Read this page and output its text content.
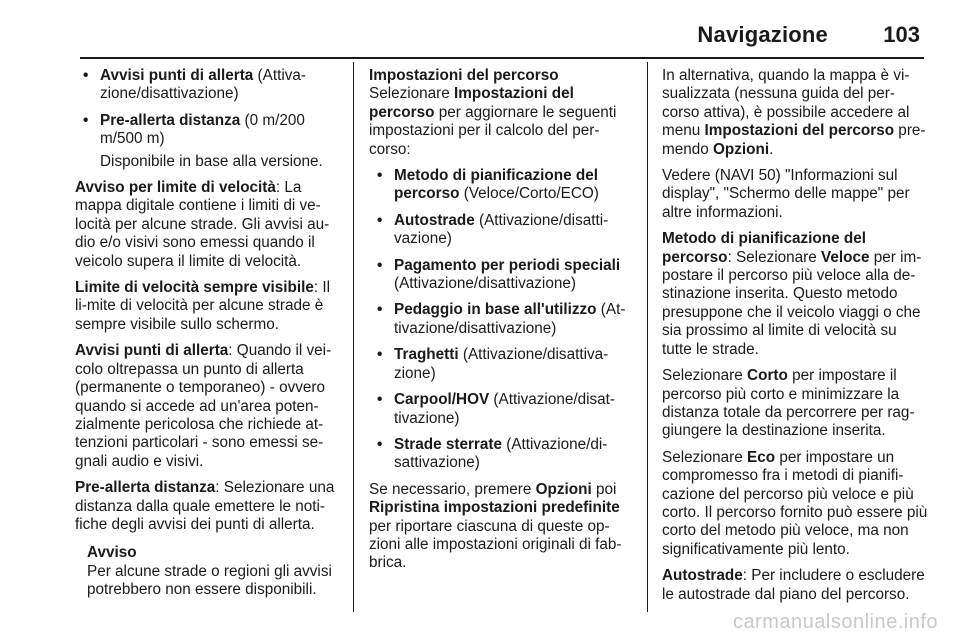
Navigazione	103
• Avvisi punti di allerta (Attiva-zione/disattivazione)
• Pre-allerta distanza (0 m/200 m/500 m)

Disponibile in base alla versione.

Avviso per limite di velocità: La mappa digitale contiene i limiti di ve-locità per alcune strade. Gli avvisi au-dio e/o visivi sono emessi quando il veicolo supera il limite di velocità.

Limite di velocità sempre visibile: Il li-mite di velocità per alcune strade è sempre visibile sullo schermo.

Avvisi punti di allerta: Quando il vei-colo oltrepassa un punto di allerta (permanente o temporaneo) - ovvero quando si accede ad un'area poten-zialmente pericolosa che richiede at-tenzioni particolari - sono emessi se-gnali audio e visivi.

Pre-allerta distanza: Selezionare una distanza dalla quale emettere le noti-fiche degli avvisi dei punti di allerta.

Avviso
Per alcune strade o regioni gli avvisi potrebbero non essere disponibili.
Impostazioni del percorso

Selezionare Impostazioni del percorso per aggiornare le seguenti impostazioni per il calcolo del per-corso:

• Metodo di pianificazione del percorso (Veloce/Corto/ECO)
• Autostrade (Attivazione/disatti-vazione)
• Pagamento per periodi speciali (Attivazione/disattivazione)
• Pedaggio in base all'utilizzo (At-tivazione/disattivazione)
• Traghetti (Attivazione/disattiva-zione)
• Carpool/HOV (Attivazione/disat-tivazione)
• Strade sterrate (Attivazione/di-sattivazione)

Se necessario, premere Opzioni poi Ripristina impostazioni predefinite per riportare ciascuna di queste op-zioni alle impostazioni originali di fab-brica.

In alternativa, quando la mappa è vi-sualizzata (nessuna guida del per-corso attiva), è possibile accedere al menu Impostazioni del percorso pre-mendo Opzioni.

Vedere (NAVI 50) "Informazioni sul display", "Schermo delle mappe" per altre informazioni.

Metodo di pianificazione del percorso: Selezionare Veloce per im-postare il percorso più veloce alla de-stinazione inserita. Questo metodo presuppone che il veicolo viaggi o che sia prossimo al limite di velocità su tutte le strade.

Selezionare Corto per impostare il percorso più corto e minimizzare la distanza totale da percorrere per rag-giungere la destinazione inserita.

Selezionare Eco per impostare un compromesso fra i metodi di pianifi-cazione del percorso più veloce e più corto. Il percorso fornito può essere più corto del metodo più veloce, ma non significativamente più lento.

Autostrade: Per includere o escludere le autostrade dal piano del percorso.

carmanualsonline.info
